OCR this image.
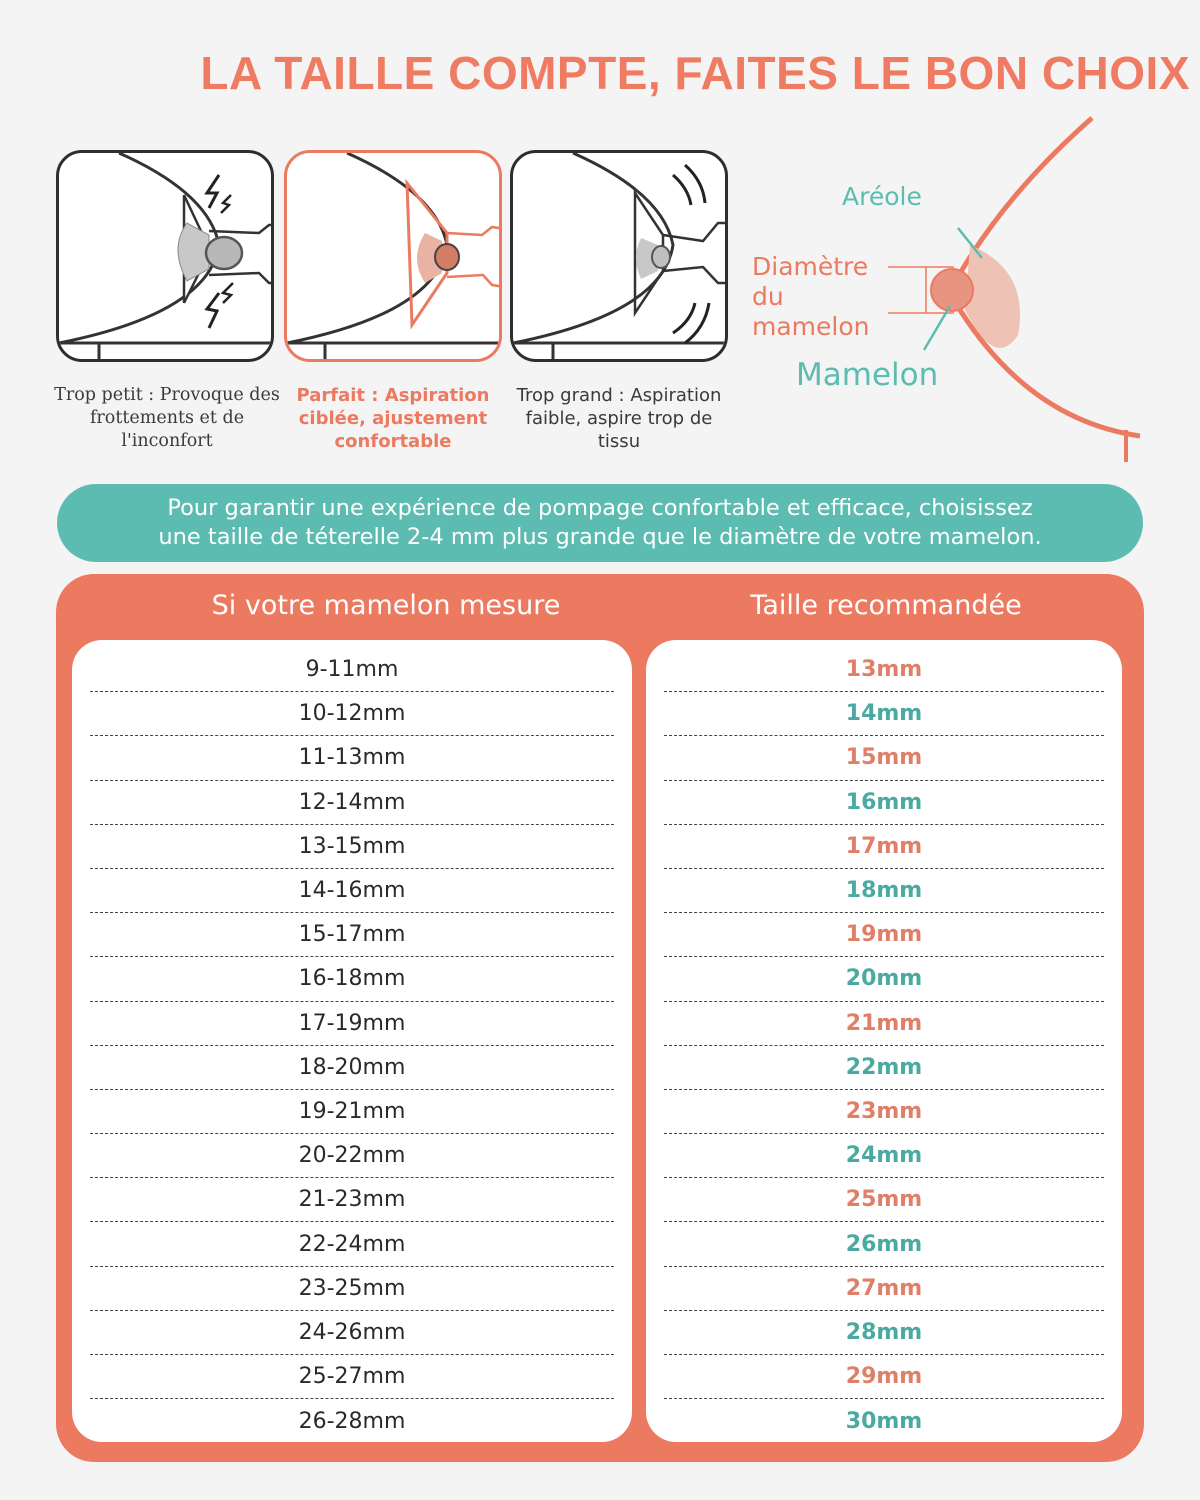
LA TAILLE COMPTE, FAITES LE BON CHOIX
Trop petit : Provoque des frottements et de l'inconfort
Parfait : Aspiration ciblée, ajustement confortable
Trop grand : Aspiration faible, aspire trop de tissu
Aréole
Diamètre
du
mamelon
Mamelon
Pour garantir une expérience de pompage confortable et efficace, choisissez
une taille de téterelle 2-4 mm plus grande que le diamètre de votre mamelon.
Si votre mamelon mesure	Taille recommandée
9-11mm
10-12mm
11-13mm
12-14mm
13-15mm
14-16mm
15-17mm
16-18mm
17-19mm
18-20mm
19-21mm
20-22mm
21-23mm
22-24mm
23-25mm
24-26mm
25-27mm
26-28mm
13mm
14mm
15mm
16mm
17mm
18mm
19mm
20mm
21mm
22mm
23mm
24mm
25mm
26mm
27mm
28mm
29mm
30mm
